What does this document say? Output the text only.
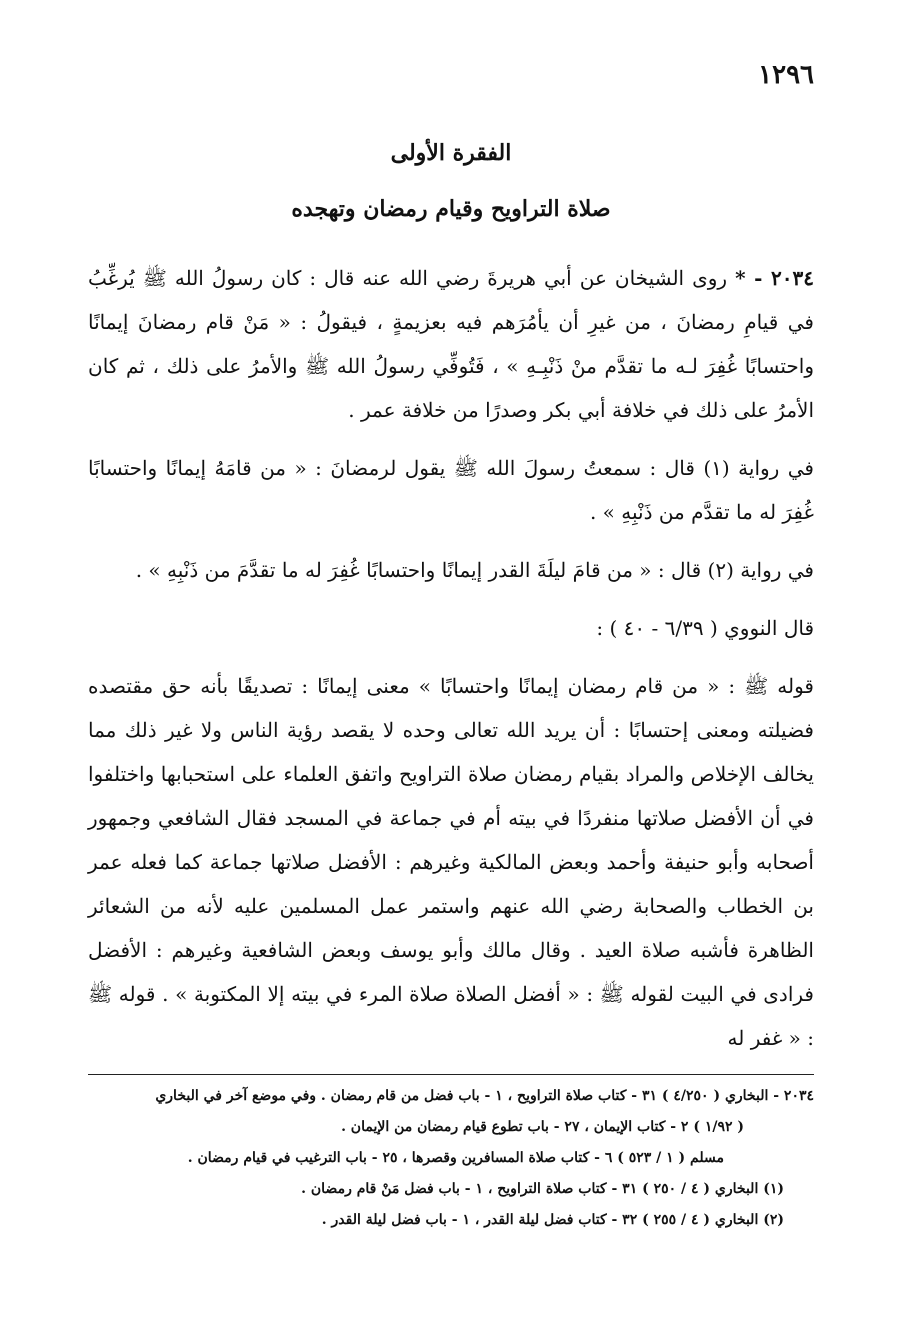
١٢٩٦
الفقرة الأولى
صلاة التراويح وقيام رمضان وتهجده

٢٠٣٤ - * روى الشيخان عن أبي هريرةَ رضي الله عنه قال : كان رسولُ الله ﷺ يُرغِّبُ في قيامِ رمضانَ ، من غيرِ أن يأمُرَهم فيه بعزيمةٍ ، فيقولُ : « مَنْ قام رمضانَ إيمانًا واحتسابًا غُفِرَ لـه ما تقدَّم منْ ذَنْبِـهِ » ، فَتُوفِّي رسولُ الله ﷺ والأمرُ على ذلك ، ثم كان الأمرُ على ذلك في خلافة أبي بكر وصدرًا من خلافة عمر .

في رواية (١) قال : سمعتُ رسولَ الله ﷺ يقول لرمضانَ : « من قامَهُ إيمانًا واحتسابًا غُفِرَ له ما تقدَّم من ذَنْبِهِ » .

في رواية (٢) قال : « من قامَ ليلَةَ القدر إيمانًا واحتسابًا غُفِرَ له ما تقدَّمَ من ذَنْبِهِ » .

قال النووي ( ٦/٣٩ - ٤٠ ) :

قوله ﷺ : « من قام رمضان إيمانًا واحتسابًا » معنى إيمانًا : تصديقًا بأنه حق مقتصده فضيلته ومعنى إحتسابًا : أن يريد الله تعالى وحده لا يقصد رؤية الناس ولا غير ذلك مما يخالف الإخلاص والمراد بقيام رمضان صلاة التراويح واتفق العلماء على استحبابها واختلفوا في أن الأفضل صلاتها منفردًا في بيته أم في جماعة في المسجد فقال الشافعي وجمهور أصحابه وأبو حنيفة وأحمد وبعض المالكية وغيرهم : الأفضل صلاتها جماعة كما فعله عمر بن الخطاب والصحابة رضي الله عنهم واستمر عمل المسلمين عليه لأنه من الشعائر الظاهرة فأشبه صلاة العيد . وقال مالك وأبو يوسف وبعض الشافعية وغيرهم : الأفضل فرادى في البيت لقوله ﷺ : « أفضل الصلاة صلاة المرء في بيته إلا المكتوبة » . قوله ﷺ : « غفر له

٢٠٣٤ - البخاري ( ٤/٢٥٠ ) ٣١ - كتاب صلاة التراويح ، ١ - باب فضل من قام رمضان . وفي موضع آخر في البخاري
( ١/٩٢ ) ٢ - كتاب الإيمان ، ٢٧ - باب تطوع قيام رمضان من الإيمان .
مسلم ( ١ / ٥٢٣ ) ٦ - كتاب صلاة المسافرين وقصرها ، ٢٥ - باب الترغيب في قيام رمضان .
(١) البخاري ( ٤ / ٢٥٠ ) ٣١ - كتاب صلاة التراويح ، ١ - باب فضل مَنْ قام رمضان .
(٢) البخاري ( ٤ / ٢٥٥ ) ٣٢ - كتاب فضل ليلة القدر ، ١ - باب فضل ليلة القدر .
